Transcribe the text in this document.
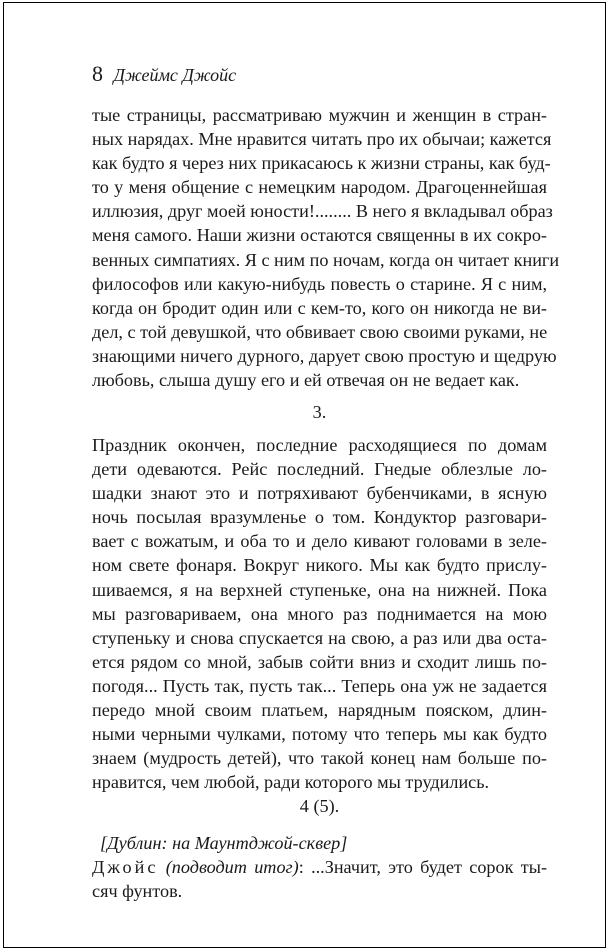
8 Джеймс Джойс
тые страницы, рассматриваю мужчин и женщин в стран-
ных нарядах. Мне нравится читать про их обычаи; кажется
как будто я через них прикасаюсь к жизни страны, как буд-
то у меня общение с немецким народом. Драгоценнейшая
иллюзия, друг моей юности!........ В него я вкладывал образ
меня самого. Наши жизни остаются священны в их сокро-
венных симпатиях. Я с ним по ночам, когда он читает книги
философов или какую-нибудь повесть о старине. Я с ним,
когда он бродит один или с кем-то, кого он никогда не ви-
дел, с той девушкой, что обвивает свою своими руками, не
знающими ничего дурного, дарует свою простую и щедрую
любовь, слыша душу его и ей отвечая он не ведает как.
3.
Праздник окончен, последние расходящиеся по домам
дети одеваются. Рейс последний. Гнедые облезлые ло-
шадки знают это и потряхивают бубенчиками, в ясную
ночь посылая вразумленье о том. Кондуктор разговари-
вает с вожатым, и оба то и дело кивают головами в зеле-
ном свете фонаря. Вокруг никого. Мы как будто прислу-
шиваемся, я на верхней ступеньке, она на нижней. Пока
мы разговариваем, она много раз поднимается на мою
ступеньку и снова спускается на свою, а раз или два оста-
ется рядом со мной, забыв сойти вниз и сходит лишь по-
погодя... Пусть так, пусть так... Теперь она уж не задается
передо мной своим платьем, нарядным пояском, длин-
ными черными чулками, потому что теперь мы как будто
знаем (мудрость детей), что такой конец нам больше по-
нравится, чем любой, ради которого мы трудились.
4 (5).
[Дублин: на Маунтджой-сквер]
Джойс (подводит итог): ...Значит, это будет сорок ты-
сяч фунтов.
